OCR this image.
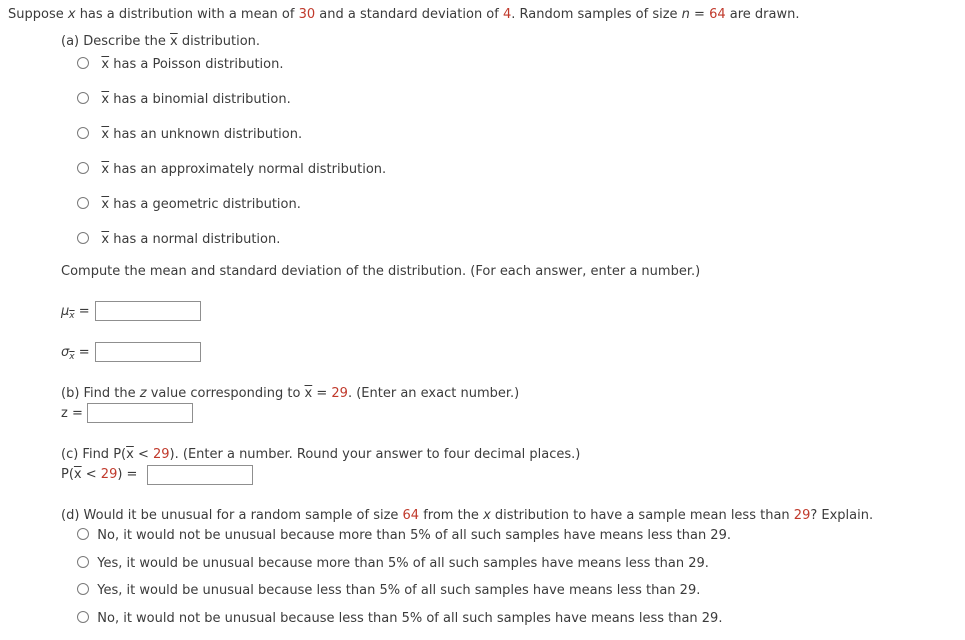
Suppose x has a distribution with a mean of 30 and a standard deviation of 4. Random samples of size n = 64 are drawn.
(a) Describe the $\overline{x}$ distribution.
$\overline{x}$ has a Poisson distribution.
$\overline{x}$ has a binomial distribution.
$\overline{x}$ has an unknown distribution.
$\overline{x}$ has an approximately normal distribution.
$\overline{x}$ has a geometric distribution.
$\overline{x}$ has a normal distribution.
Compute the mean and standard deviation of the distribution. (For each answer, enter a number.)
$\mu_{\overline{x}}$ =
$\sigma_{\overline{x}}$ =
(b) Find the z value corresponding to $\overline{x} = 29$. (Enter an exact number.)
z =
(c) Find $P(\overline{x} < 29)$. (Enter a number. Round your answer to four decimal places.)
$P(\overline{x} < 29)$ =
(d) Would it be unusual for a random sample of size 64 from the x distribution to have a sample mean less than 29? Explain.
No, it would not be unusual because more than 5% of all such samples have means less than 29.
Yes, it would be unusual because more than 5% of all such samples have means less than 29.
Yes, it would be unusual because less than 5% of all such samples have means less than 29.
No, it would not be unusual because less than 5% of all such samples have means less than 29.
